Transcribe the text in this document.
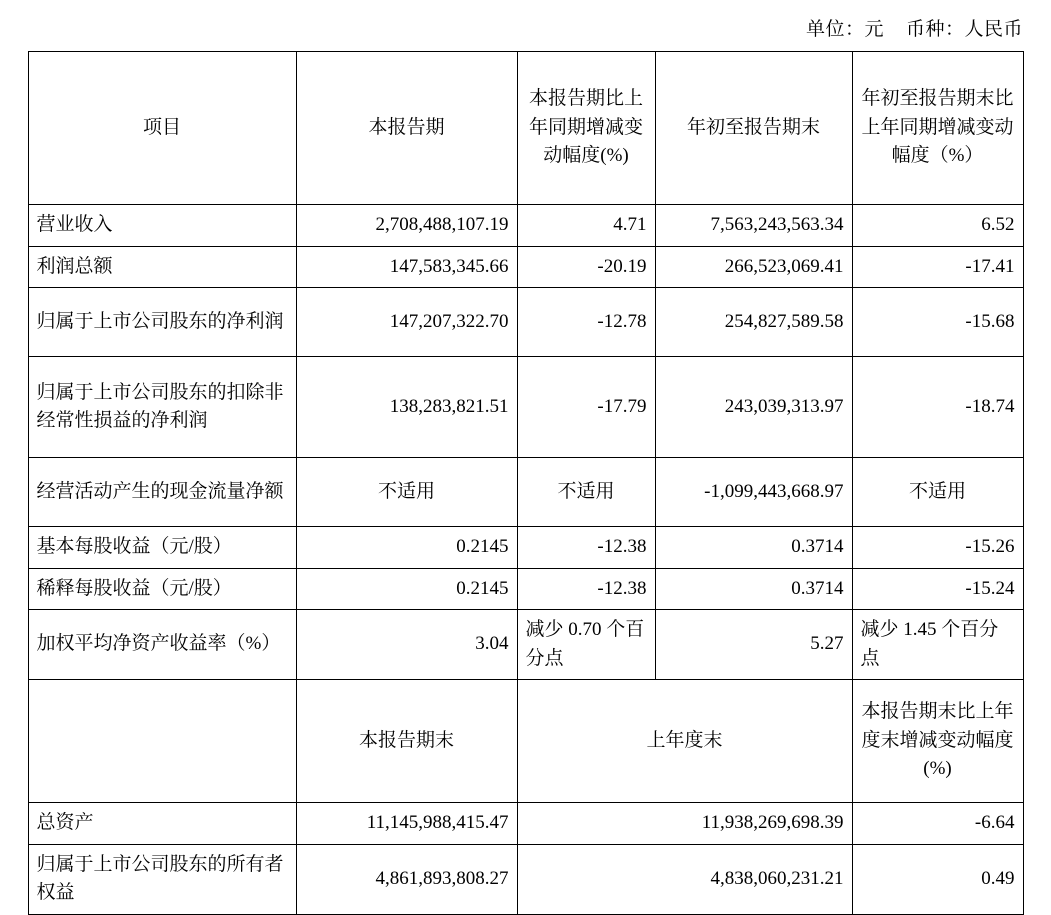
单位：元 币种：人民币
项目	本报告期	本报告期比上年同期增减变动幅度(%)	年初至报告期末	年初至报告期末比上年同期增减变动幅度（%）
营业收入	2,708,488,107.19	4.71	7,563,243,563.34	6.52
利润总额	147,583,345.66	-20.19	266,523,069.41	-17.41
归属于上市公司股东的净利润	147,207,322.70	-12.78	254,827,589.58	-15.68
归属于上市公司股东的扣除非经常性损益的净利润	138,283,821.51	-17.79	243,039,313.97	-18.74
经营活动产生的现金流量净额	不适用	不适用	-1,099,443,668.97	不适用
基本每股收益（元/股）	0.2145	-12.38	0.3714	-15.26
稀释每股收益（元/股）	0.2145	-12.38	0.3714	-15.24
加权平均净资产收益率（%）	3.04	减少 0.70 个百分点	5.27	减少 1.45 个百分点
	本报告期末	上年度末		本报告期末比上年度末增减变动幅度(%)
总资产	11,145,988,415.47	11,938,269,698.39		-6.64
归属于上市公司股东的所有者权益	4,861,893,808.27	4,838,060,231.21		0.49
